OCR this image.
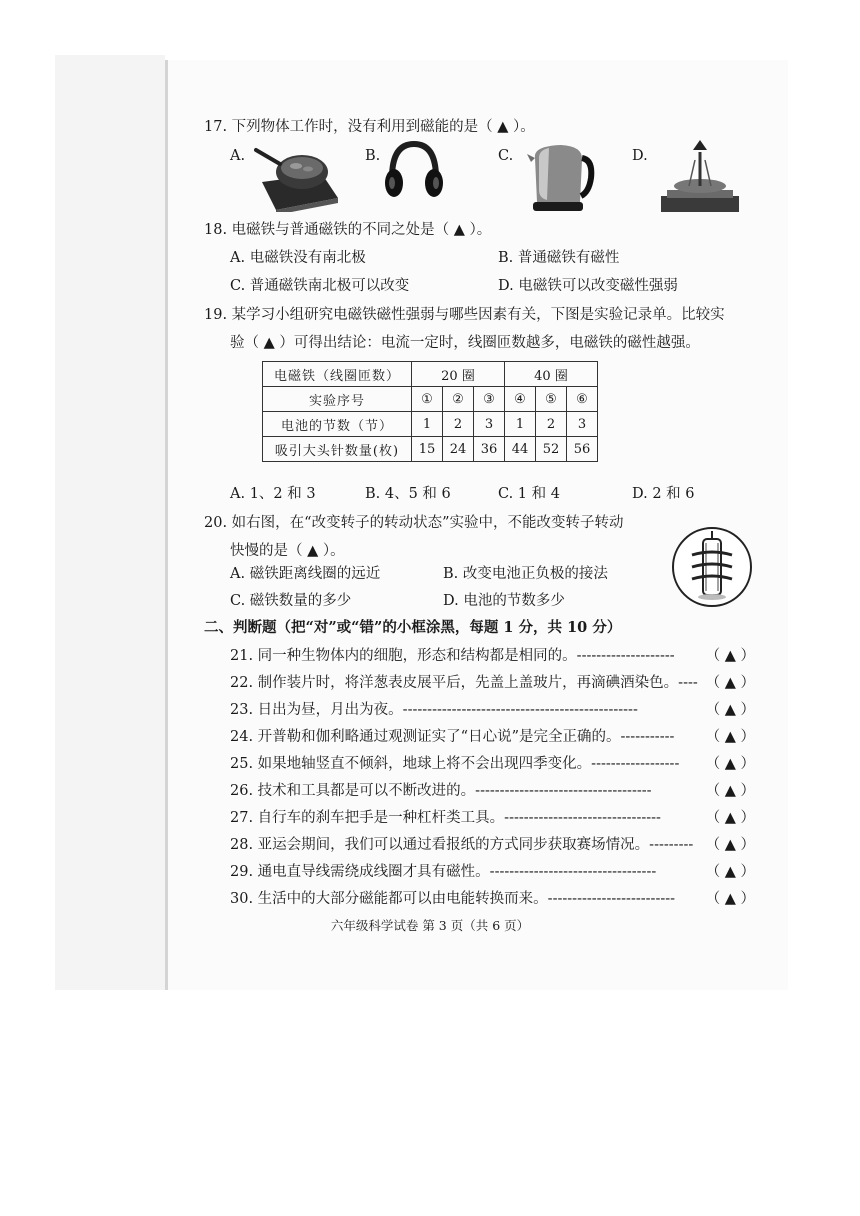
17. 下列物体工作时，没有利用到磁能的是（ ▲ ）。
A.	B.	C.	D.
18. 电磁铁与普通磁铁的不同之处是（ ▲ ）。
A. 电磁铁没有南北极	B. 普通磁铁有磁性
C. 普通磁铁南北极可以改变	D. 电磁铁可以改变磁性强弱
19. 某学习小组研究电磁铁磁性强弱与哪些因素有关，下图是实验记录单。比较实
验（ ▲ ）可得出结论：电流一定时，线圈匝数越多，电磁铁的磁性越强。
电磁铁（线圈匝数）	20 圈			40 圈		
实验序号	①	②	③	④	⑤	⑥
电池的节数（节）	1	2	3	1	2	3
吸引大头针数量(枚)	15	24	36	44	52	56
A. 1、2 和 3	B. 4、5 和 6	C. 1 和 4	D. 2 和 6
20. 如右图，在“改变转子的转动状态”实验中，不能改变转子转动
快慢的是（ ▲ ）。
A. 磁铁距离线圈的远近	B. 改变电池正负极的接法
C. 磁铁数量的多少	D. 电池的节数多少
二、判断题（把“对”或“错”的小框涂黑，每题 1 分，共 10 分）
21. 同一种生物体内的细胞，形态和结构都是相同的。-------------------- （ ▲ ）
22. 制作装片时，将洋葱表皮展平后，先盖上盖玻片，再滴碘酒染色。---- （ ▲ ）
23. 日出为昼，月出为夜。------------------------------------------------	（ ▲ ）
24. 开普勒和伽利略通过观测证实了“日心说”是完全正确的。----------- （ ▲ ）
25. 如果地轴竖直不倾斜，地球上将不会出现四季变化。------------------ （ ▲ ）
26. 技术和工具都是可以不断改进的。------------------------------------	（ ▲ ）
27. 自行车的刹车把手是一种杠杆类工具。--------------------------------	（ ▲ ）
28. 亚运会期间，我们可以通过看报纸的方式同步获取赛场情况。--------- （ ▲ ）
29. 通电直导线需绕成线圈才具有磁性。----------------------------------	（ ▲ ）
30. 生活中的大部分磁能都可以由电能转换而来。-------------------------- （ ▲ ）
六年级科学试卷 第 3 页（共 6 页）
